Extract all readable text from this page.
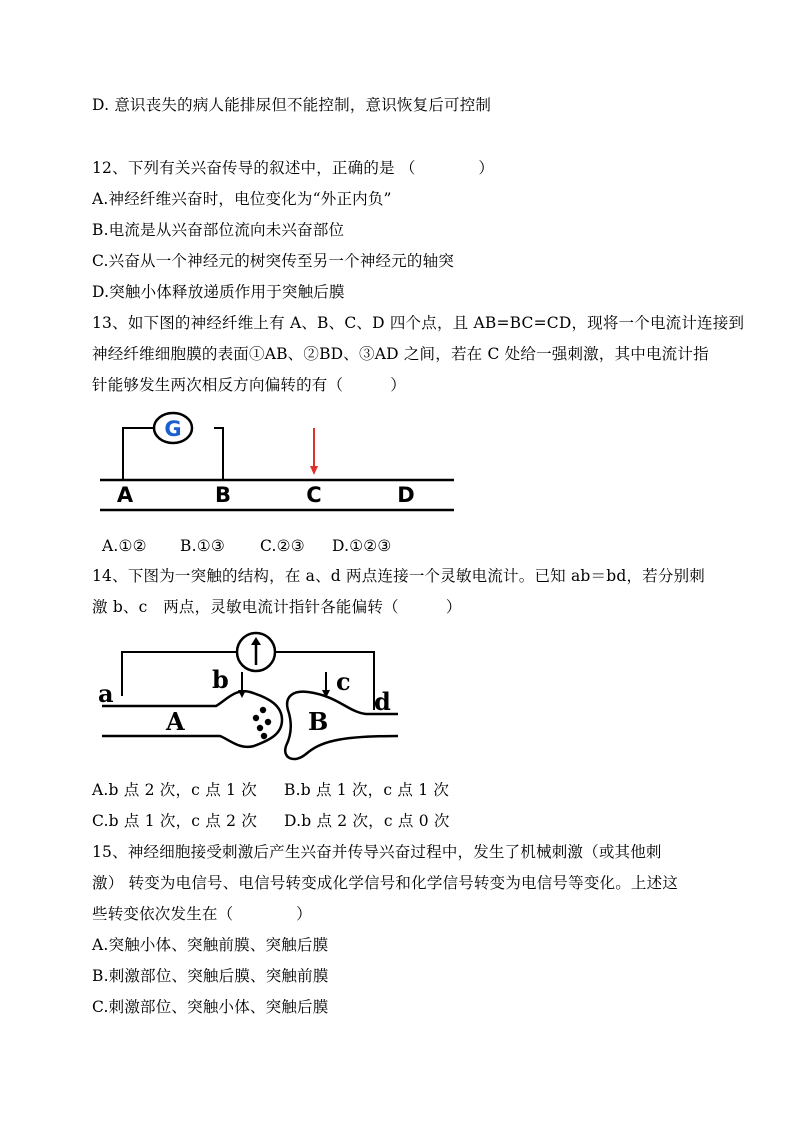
D. 意识丧失的病人能排尿但不能控制，意识恢复后可控制
12、下列有关兴奋传导的叙述中，正确的是 （　　　　）
A.神经纤维兴奋时，电位变化为“外正内负”
B.电流是从兴奋部位流向未兴奋部位
C.兴奋从一个神经元的树突传至另一个神经元的轴突
D.突触小体释放递质作用于突触后膜
13、如下图的神经纤维上有 A、B、C、D 四个点，且 AB=BC=CD，现将一个电流计连接到
神经纤维细胞膜的表面①AB、②BD、③AD 之间，若在 C 处给一强刺激，其中电流计指
针能够发生两次相反方向偏转的有（　　　）
G
A	B	C	D
A.①② B.①③ C.②③ D.①②③
14、下图为一突触的结构，在 a、d 两点连接一个灵敏电流计。已知 ab＝bd，若分别刺
激 b、c　两点，灵敏电流计指针各能偏转（　　　）
a	b	c
d
A	B
A.b 点 2 次，c 点 1 次 B.b 点 1 次，c 点 1 次
C.b 点 1 次，c 点 2 次 D.b 点 2 次，c 点 0 次
15、神经细胞接受刺激后产生兴奋并传导兴奋过程中，发生了机械刺激（或其他刺
激） 转变为电信号、电信号转变成化学信号和化学信号转变为电信号等变化。上述这
些转变依次发生在（　　　　）
A.突触小体、突触前膜、突触后膜
B.刺激部位、突触后膜、突触前膜
C.刺激部位、突触小体、突触后膜
